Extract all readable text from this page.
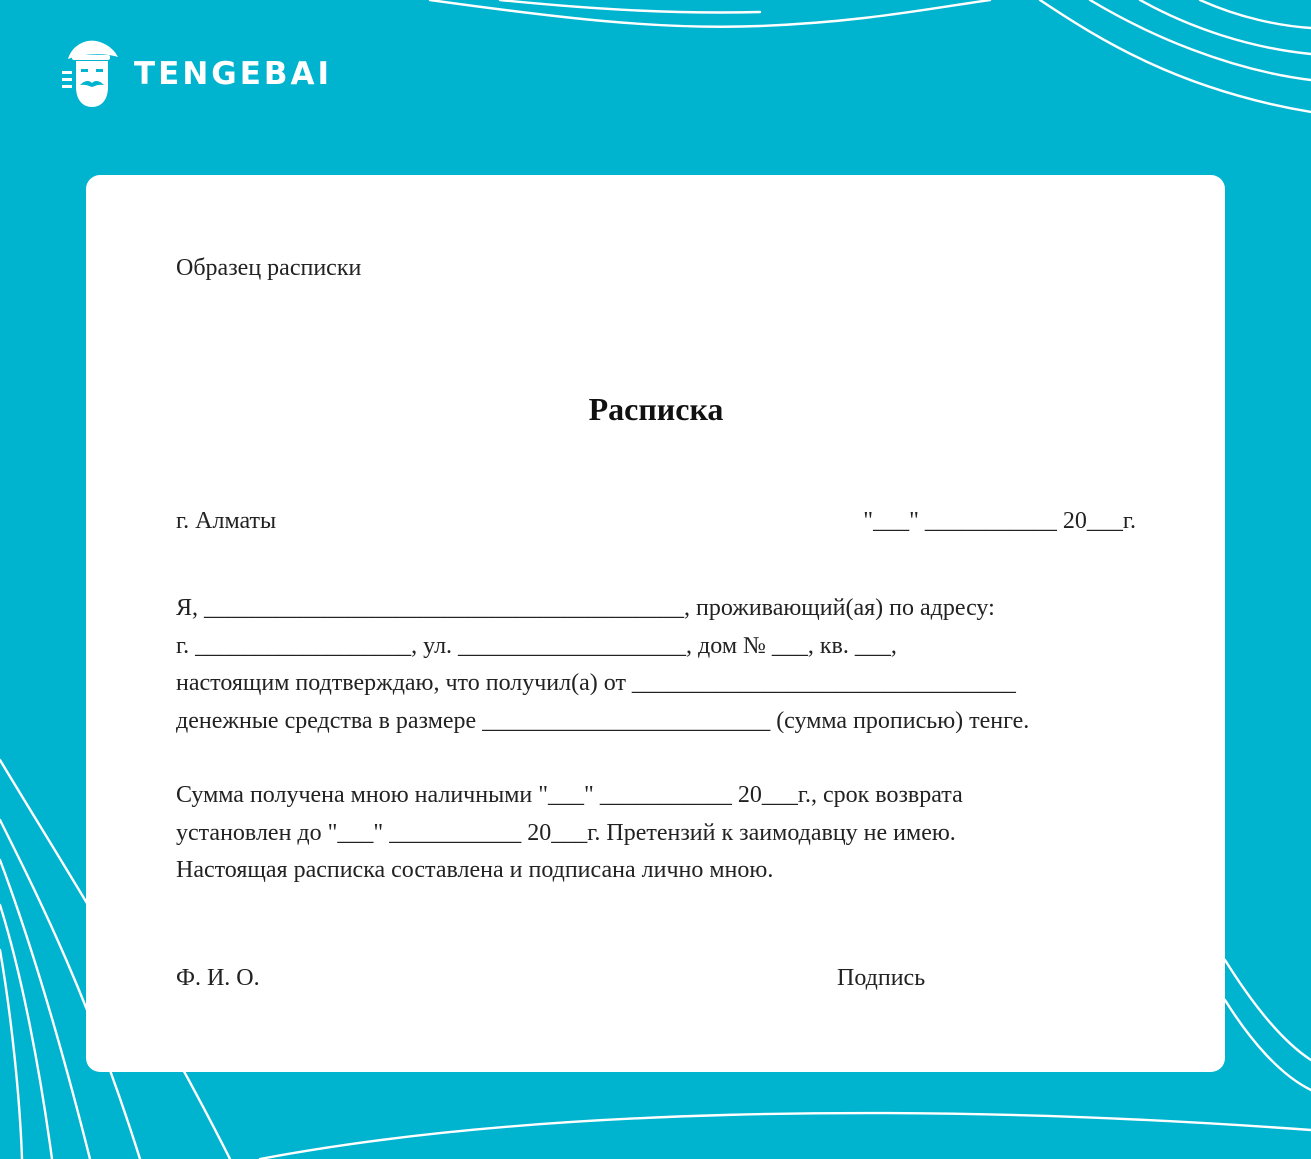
TENGEBAI
Образец расписки
Расписка
г. Алматы	"___" ___________ 20___г.
Я, ________________________________________, проживающий(ая) по адресу:
г. __________________, ул. ___________________, дом № ___, кв. ___,
настоящим подтверждаю, что получил(а) от ________________________________
денежные средства в размере ________________________ (сумма прописью) тенге.
Сумма получена мною наличными "___" ___________ 20___г., срок возврата
установлен до "___" ___________ 20___г. Претензий к заимодавцу не имею.
Настоящая расписка составлена и подписана лично мною.
Ф. И. О.	Подпись
